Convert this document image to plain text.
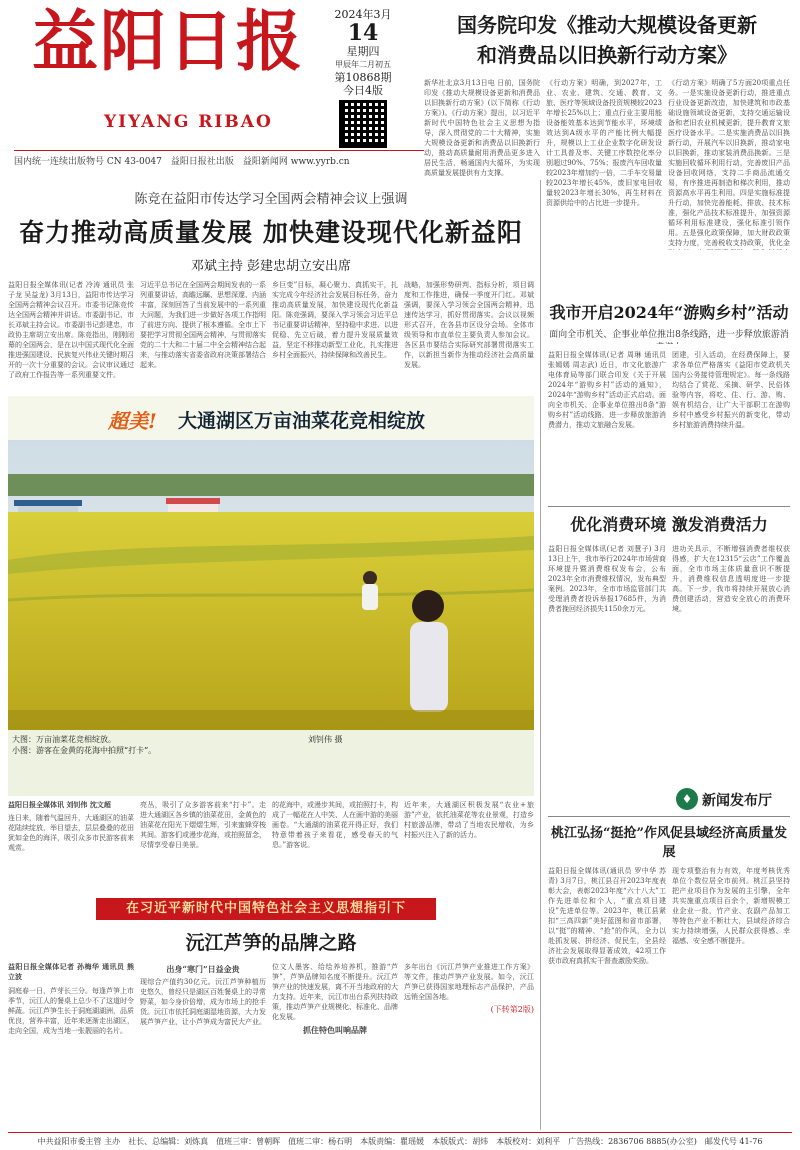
益阳日报
YIYANG RIBAO
2024年3月
14
星期四
甲辰年二月初五
第10868期
今日4版
国内统一连续出版物号 CN 43-0047　益阳日报社出版　益阳新闻网 www.yyrb.cn
国务院印发《推动大规模设备更新
和消费品以旧换新行动方案》
新华社北京3月13日电 日前，国务院印发《推动大规模设备更新和消费品以旧换新行动方案》(以下简称《行动方案》)。《行动方案》提出，以习近平新时代中国特色社会主义思想为指导，深入贯彻党的二十大精神，实施大规模设备更新和消费品以旧换新行动，推动高质量耐用消费品更多进入居民生活，畅通国内大循环，为实现高质量发展提供有力支撑。
《行动方案》明确，到2027年，工业、农业、建筑、交通、教育、文旅、医疗等领域设备投资规模较2023年增长25%以上；重点行业主要用能设备能效基本达到节能水平，环境绩效达到A级水平的产能比例大幅提升，规模以上工业企业数字化研发设计工具普及率、关键工序数控化率分别超过90%、75%；报废汽车回收量较2023年增加约一倍，二手车交易量较2023年增长45%，废旧家电回收量较2023年增长30%，再生材料在资源供给中的占比进一步提升。
《行动方案》明确了5方面20项重点任务。一是实施设备更新行动，推进重点行业设备更新改造，加快建筑和市政基础设施领域设备更新，支持交通运输设备和老旧农业机械更新，提升教育文旅医疗设备水平。二是实施消费品以旧换新行动，开展汽车以旧换新，推动家电以旧换新，推动家装消费品换新。三是实施回收循环利用行动，完善废旧产品设备回收网络，支持二手商品流通交易，有序推进再制造和梯次利用，推动资源高水平再生利用。四是实施标准提升行动，加快完善能耗、排放、技术标准，强化产品技术标准提升，加强资源循环利用标准建设，强化标准引领作用。五是强化政策保障，加大财政政策支持力度，完善税收支持政策，优化金
陈竞在益阳市传达学习全国两会精神会议上强调
奋力推动高质量发展 加快建设现代化新益阳
邓斌主持 彭建忠胡立安出席
益阳日报全媒体讯(记者 冷涛 通讯员 张子龙 吴益龙) 3月13日，益阳市传达学习全国两会精神会议召开。市委书记陈竞传达全国两会精神并讲话。市委副书记、市长邓斌主持会议。市委副书记彭建忠，市政协主席胡立安出席。陈竞指出，刚刚闭幕的全国两会，是在以中国式现代化全面推进强国建设、民族复兴伟业关键时期召开的一次十分重要的会议。会议审议通过了政府工作报告等一系列重要文件。
习近平总书记在全国两会期间发表的一系列重要讲话，高瞻远瞩、思想深邃、内涵丰富，深刻回答了当前发展中的一系列重大问题，为我们进一步做好各项工作指明了前进方向、提供了根本遵循。全市上下要把学习贯彻全国两会精神，与贯彻落实党的二十大和二十届二中全会精神结合起来，与推动落实省委省政府决策部署结合起来。
乡巨变”目标，凝心聚力、真抓实干，扎实完成今年经济社会发展目标任务，奋力推动高质量发展，加快建设现代化新益阳。陈竞强调，要深入学习领会习近平总书记重要讲话精神，坚持稳中求进、以进促稳、先立后破，着力提升发展质量效益，坚定不移推动新型工业化，扎实推进乡村全面振兴，持续保障和改善民生。
战略，加强形势研判、指标分析，项目调度和工作推进，确保一季度开门红。邓斌强调，要深入学习领会全国两会精神，迅速传达学习，抓好贯彻落实。会议以视频形式召开，在各县市区设分会场。全体市级领导和市直单位主要负责人参加会议。各区县市要结合实际研究部署贯彻落实工作，以新担当新作为推动经济社会高质量发展。
超美! 大通湖区万亩油菜花竞相绽放
大图：万亩油菜花竞相绽放。
小图：游客在金黄的花海中拍照“打卡”。
刘钊伟 摄
益阳日报全媒体讯 刘钊伟 沈文超
连日来，随着气温回升，大通湖区的油菜花陆续绽放，举目望去，层层叠叠的花田犹如金色的海洋，吸引众多市民游客前来观赏。
亮丛，吸引了众多游客前来“打卡”。走进大通湖区各乡镇的油菜花田，金黄色的油菜花在阳光下熠熠生辉，引来蜜蜂穿梭其间。游客们或漫步花海，或拍照留念，尽情享受春日美景。
的花海中，或漫步其间，或拍照打卡，构成了一幅花在人中笑、人在画中游的美丽画卷。“大通湖的油菜花开得正好，我们特意带着孩子来看花，感受春天的气息。”游客说。
近年来，大通湖区积极发展“农业+旅游”产业，依托油菜花等农业景观，打造乡村旅游品牌，带动了当地农民增收，为乡村振兴注入了新的活力。
我市开启2024年“游购乡村”活动
面向全市机关、企事业单位推出8条线路，进一步释放旅游消
益阳日报全媒体讯(记者 周琳 通讯员 张嫣嫣 周志武) 近日，市文化旅游广电体育局等部门联合印发《关于开展2024年“游购乡村”活动的通知》，2024年“游购乡村”活动正式启动。面向全市机关、企事业单位推出8条“游购乡村”活动线路，进一步释放旅游消费潜力，推动文旅融合发展。
团建，引入活动，在经费保障上，要求各单位严格落实《益阳市党政机关国内公务接待管理规定》。每一条线路均结合了赏花、采摘、研学、民俗体验等内容，将吃、住、行、游、购、娱有机结合，让广大干部职工在游购乡村中感受乡村振兴的新变化，带动乡村旅游消费持续升温。
优化消费环境 激发消费活力
益阳日报全媒体讯(记者 刘慧子) 3月13日上午，我市举行2024年市场营商环境提升暨消费维权发布会，公布2023年全市消费维权情况，发布典型案例。2023年，全市市场监管部门共受理消费者投诉举报17685件，为消费者挽回经济损失1150余万元。
进功关具示，不断增强消费者维权获得感，扩大在12315“云店”工作覆盖面，全市市场主体质量意识不断提升，消费维权信息透明度进一步提高。下一步，我市将持续开展放心消费创建活动，营造安全放心的消费环境。
♦ 新闻发布厅
桃江弘扬“挺抢”作风促县域经济高质量发展
益阳日报全媒体讯(通讯员 罗中华 苏青) 3月7日，桃江县召开2023年度表彰大会，表彰2023年度“六十八大”工作先进单位和个人，“重点项目建设”先进单位等。2023年，桃江县紧扣“三高四新”美好蓝图和省市部署，以“挺”的精神、“抢”的作风，全力以赴抓发展、拼经济、促民生，全县经济社会发展取得显著成效，42项工作获市政府真抓实干督查激励奖励。
现专项整治有力有效，年度考核优秀单位个数位居全市前列。桃江县坚持把产业项目作为发展的主引擎，全年共实施重点项目百余个，新增规模工业企业一批，竹产业、农副产品加工等特色产业不断壮大，县域经济综合实力持续增强，人民群众获得感、幸福感、安全感不断提升。
在习近平新时代中国特色社会主义思想指引下
沅江芦笋的品牌之路
益阳日报全媒体记者 孙梅华 通讯员 熊立波
洞庭春一日，芦芽长三分。每逢芦笋上市季节，沅江人的餐桌上总少不了这道时令鲜蔬。沅江芦笋生长于洞庭湖湖洲，品质优良，营养丰富，近年来逐渐走出湖区，走向全国，成为当地一张靓丽的名片。
出身“寒门”日益金贵
现综合产值约30亿元。沅江芦笋种植历史悠久，曾经只是湖区百姓餐桌上的寻常野菜，如今身价倍增，成为市场上的抢手货。沅江市依托洞庭湖湿地资源，大力发展芦笋产业，让小芦笋成为富民大产业。
位文人墨客、给绘养培养机，推游“芦笋”，芦笋品牌知名度不断提升。沅江芦笋产业的快速发展，离不开当地政府的大力支持。近年来，沅江市出台系列扶持政策，推动芦笋产业规模化、标准化、品牌化发展。
抓住特色叫响品牌
多年出台《沅江芦笋产业推进工作方案》等文件，推动芦笋产业发展。如今，沅江芦笋已获得国家地理标志产品保护，产品远销全国各地。
(下转第2版)
中共益阳市委主管 主办　社长、总编辑：刘炼真　值班三审：曾朝晖　值班二审：杨石明　本版责编：瞿瑶媛　本版版式：胡炜　本版校对：刘利平　广告热线：2836706 8885(办公室)　邮发代号 41-76
